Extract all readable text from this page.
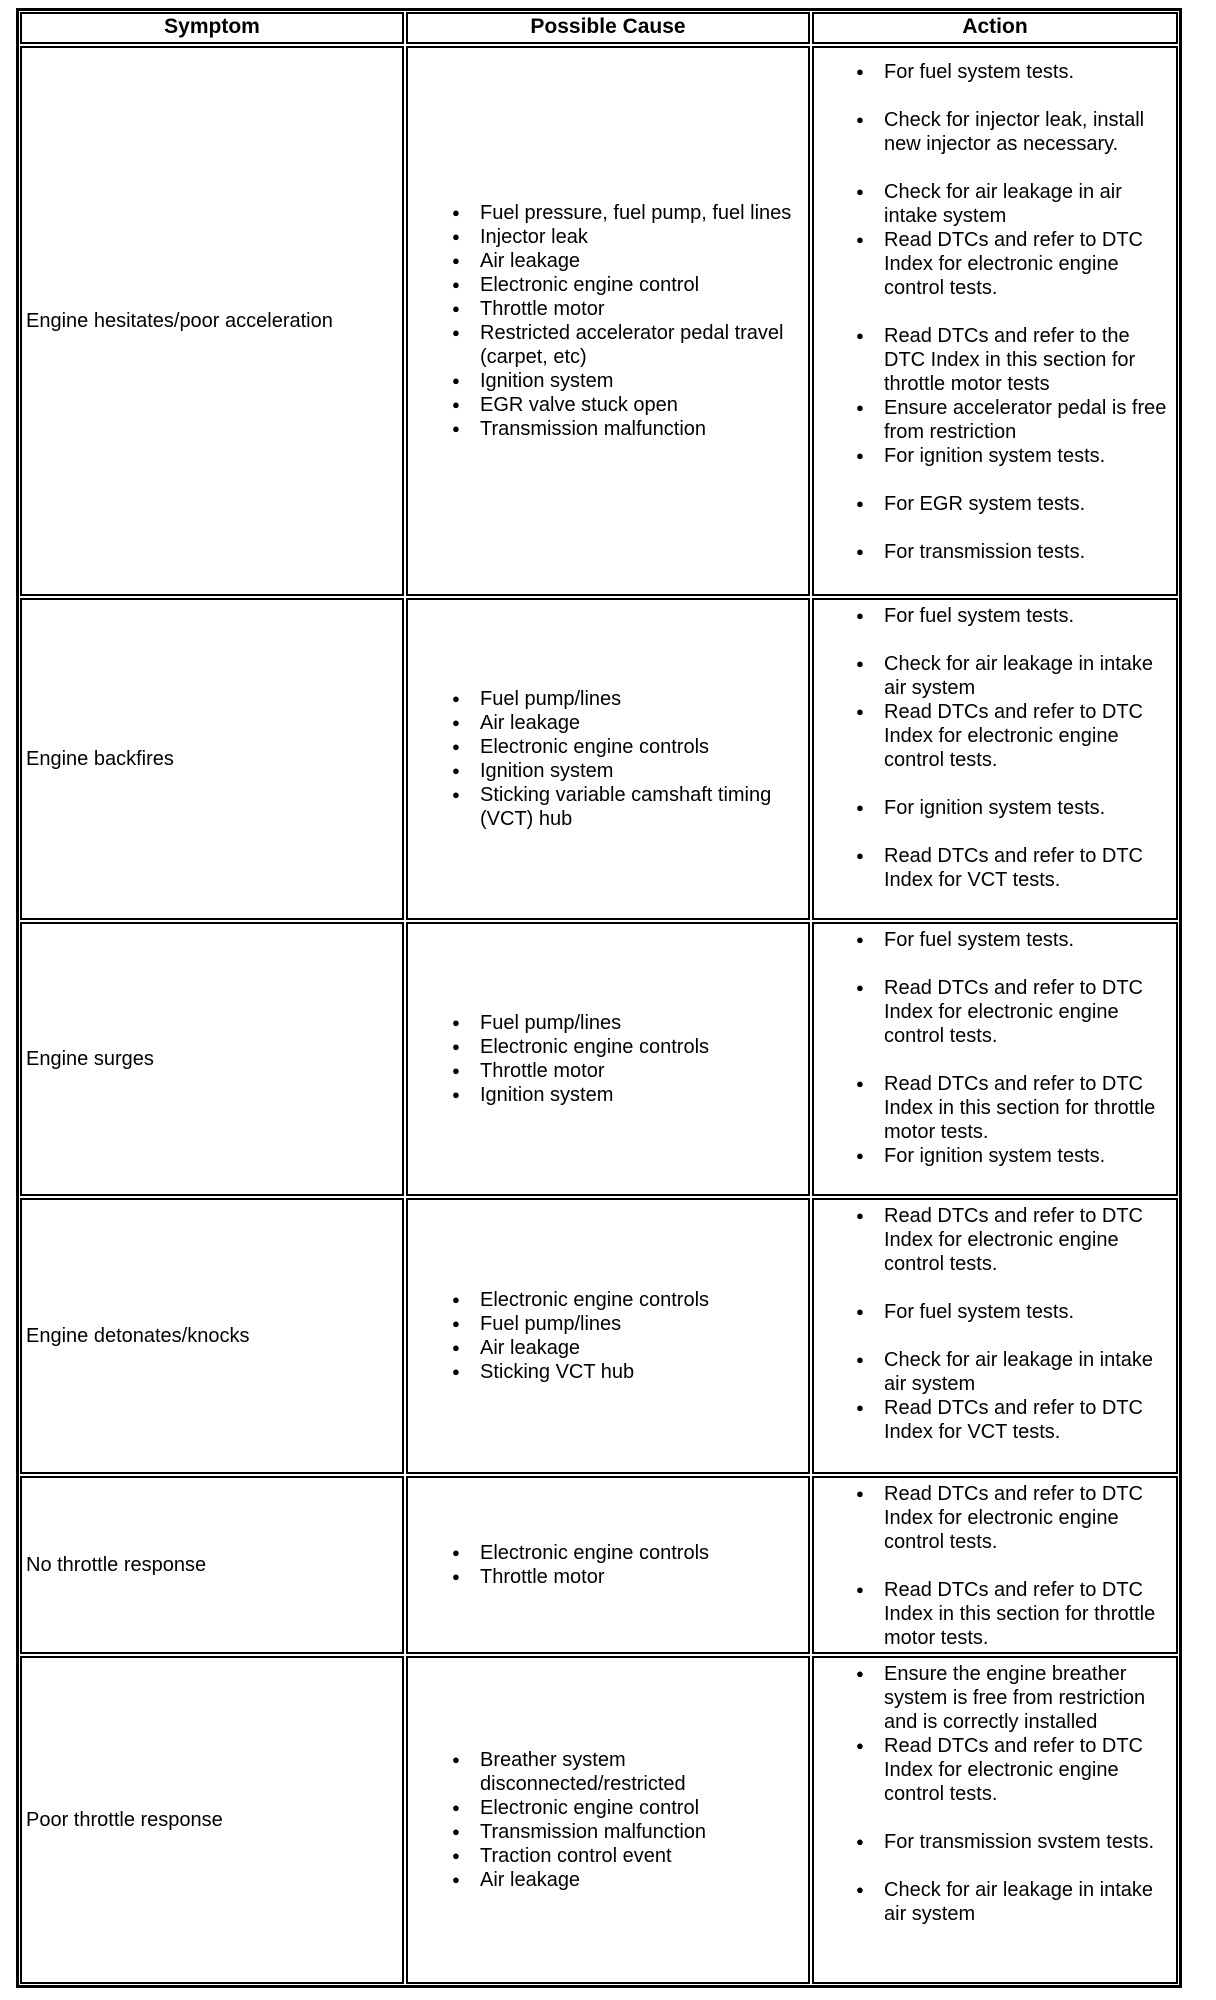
Symptom	Possible Cause	Action
Engine hesitates/poor acceleration
● Fuel pressure, fuel pump, fuel lines
● Injector leak
● Air leakage
● Electronic engine control
● Throttle motor
● Restricted accelerator pedal travel (carpet, etc)
● Ignition system
● EGR valve stuck open
● Transmission malfunction
● For fuel system tests.
● Check for injector leak, install new injector as necessary.
● Check for air leakage in air intake system
● Read DTCs and refer to DTC Index for electronic engine control tests.
● Read DTCs and refer to the DTC Index in this section for throttle motor tests
● Ensure accelerator pedal is free from restriction
● For ignition system tests.
● For EGR system tests.
● For transmission tests.
Engine backfires
● Fuel pump/lines
● Air leakage
● Electronic engine controls
● Ignition system
● Sticking variable camshaft timing (VCT) hub
● For fuel system tests.
● Check for air leakage in intake air system
● Read DTCs and refer to DTC Index for electronic engine control tests.
● For ignition system tests.
● Read DTCs and refer to DTC Index for VCT tests.
Engine surges
● Fuel pump/lines
● Electronic engine controls
● Throttle motor
● Ignition system
● For fuel system tests.
● Read DTCs and refer to DTC Index for electronic engine control tests.
● Read DTCs and refer to DTC Index in this section for throttle motor tests.
● For ignition system tests.
Engine detonates/knocks
● Electronic engine controls
● Fuel pump/lines
● Air leakage
● Sticking VCT hub
● Read DTCs and refer to DTC Index for electronic engine control tests.
● For fuel system tests.
● Check for air leakage in intake air system
● Read DTCs and refer to DTC Index for VCT tests.
No throttle response
● Electronic engine controls
● Throttle motor
● Read DTCs and refer to DTC Index for electronic engine control tests.
● Read DTCs and refer to DTC Index in this section for throttle motor tests.
Poor throttle response
● Breather system disconnected/restricted
● Electronic engine control
● Transmission malfunction
● Traction control event
● Air leakage
● Ensure the engine breather system is free from restriction and is correctly installed
● Read DTCs and refer to DTC Index for electronic engine control tests.
● For transmission svstem tests.
● Check for air leakage in intake air system
